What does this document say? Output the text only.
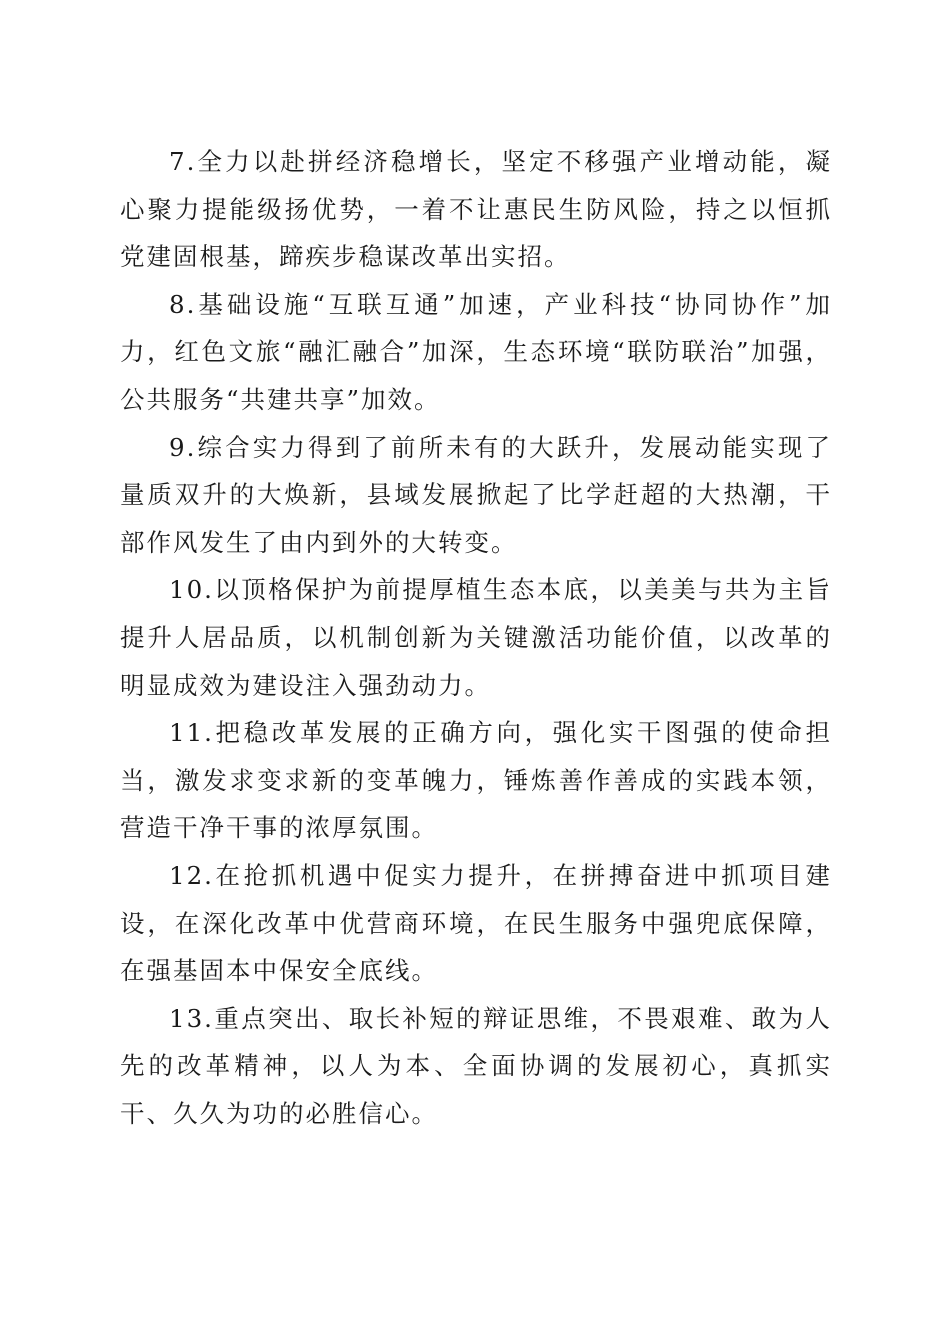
7.全力以赴拼经济稳增长，坚定不移强产业增动能，凝心聚力提能级扬优势，一着不让惠民生防风险，持之以恒抓党建固根基，蹄疾步稳谋改革出实招。

8.基础设施“互联互通”加速，产业科技“协同协作”加力，红色文旅“融汇融合”加深，生态环境“联防联治”加强，公共服务“共建共享”加效。

9.综合实力得到了前所未有的大跃升，发展动能实现了量质双升的大焕新，县域发展掀起了比学赶超的大热潮，干部作风发生了由内到外的大转变。

10.以顶格保护为前提厚植生态本底，以美美与共为主旨提升人居品质，以机制创新为关键激活功能价值，以改革的明显成效为建设注入强劲动力。

11.把稳改革发展的正确方向，强化实干图强的使命担当，激发求变求新的变革魄力，锤炼善作善成的实践本领，营造干净干事的浓厚氛围。

12.在抢抓机遇中促实力提升，在拼搏奋进中抓项目建设，在深化改革中优营商环境，在民生服务中强兜底保障，在强基固本中保安全底线。

13.重点突出、取长补短的辩证思维，不畏艰难、敢为人先的改革精神，以人为本、全面协调的发展初心，真抓实干、久久为功的必胜信心。
